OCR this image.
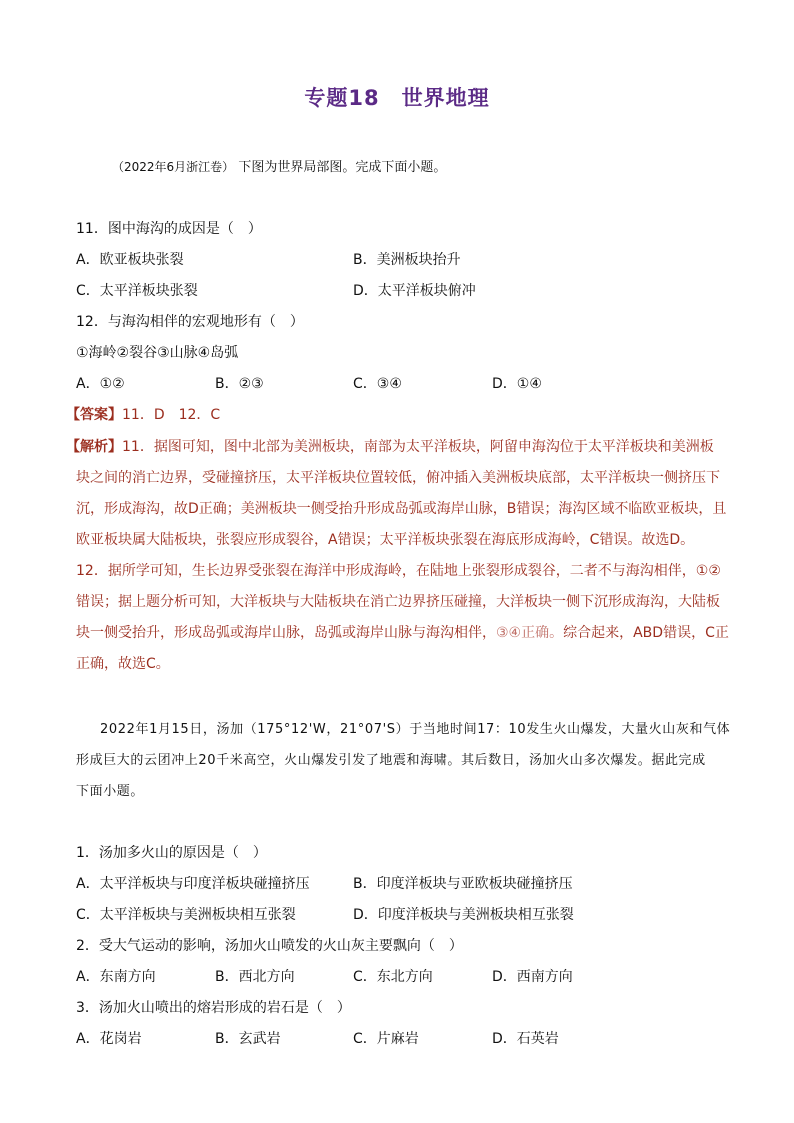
专题18　世界地理
（2022年6月浙江卷） 下图为世界局部图。完成下面小题。
11．图中海沟的成因是（　）
A．欧亚板块张裂	B．美洲板块抬升
C．太平洋板块张裂	D．太平洋板块俯冲
12．与海沟相伴的宏观地形有（　）
①海岭②裂谷③山脉④岛弧
A．①②	B．②③	C．③④	D．①④
【答案】11．D　12．C
【解析】11．据图可知，图中北部为美洲板块，南部为太平洋板块，阿留申海沟位于太平洋板块和美洲板
块之间的消亡边界，受碰撞挤压，太平洋板块位置较低，俯冲插入美洲板块底部，太平洋板块一侧挤压下
沉，形成海沟，故D正确；美洲板块一侧受抬升形成岛弧或海岸山脉，B错误；海沟区域不临欧亚板块，且
欧亚板块属大陆板块，张裂应形成裂谷，A错误；太平洋板块张裂在海底形成海岭，C错误。故选D。
12．据所学可知，生长边界受张裂在海洋中形成海岭，在陆地上张裂形成裂谷，二者不与海沟相伴，①②
错误；据上题分析可知，大洋板块与大陆板块在消亡边界挤压碰撞，大洋板块一侧下沉形成海沟，大陆板
块一侧受抬升，形成岛弧或海岸山脉，岛弧或海岸山脉与海沟相伴，③④正确。综合起来，ABD错误，C正
正确，故选C。
2022年1月15日，汤加（175°12'W，21°07'S）于当地时间17：10发生火山爆发，大量火山灰和气体
形成巨大的云团冲上20千米高空，火山爆发引发了地震和海啸。其后数日，汤加火山多次爆发。据此完成
下面小题。
1．汤加多火山的原因是（　）
A．太平洋板块与印度洋板块碰撞挤压	B．印度洋板块与亚欧板块碰撞挤压
C．太平洋板块与美洲板块相互张裂	D．印度洋板块与美洲板块相互张裂
2．受大气运动的影响，汤加火山喷发的火山灰主要飘向（　）
A．东南方向	B．西北方向	C．东北方向	D．西南方向
3．汤加火山喷出的熔岩形成的岩石是（　）
A．花岗岩	B．玄武岩	C．片麻岩	D．石英岩
